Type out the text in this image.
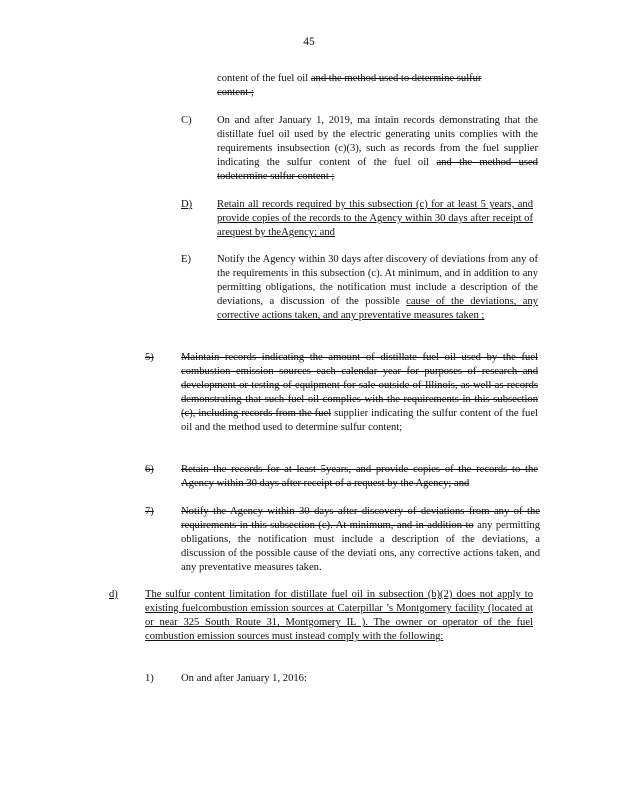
45

content of the fuel oil and the method used to determine sulfur
content ;

C) On and after January 1, 2019, ma intain records demonstrating that the distillate fuel oil used by the electric generating units complies with the requirements insubsection (c)(3), such as records from the fuel supplier indicating the sulfur content of the fuel oil and the method used todetermine sulfur content ;

D) Retain all records required by this subsection (c) for at least 5 years, and provide copies of the records to the Agency within 30 days after receipt of arequest by theAgency; and

E) Notify the Agency within 30 days after discovery of deviations from any of the requirements in this subsection (c). At minimum, and in addition to any permitting obligations, the notification must include a description of the deviations, a discussion of the possible cause of the deviations, any corrective actions taken, and any preventative measures taken ;

5)	Maintain records indicating the amount of distillate fuel oil used by the fuel combustion emission sources each calendar year for purposes of research and development or testing of equipment for sale outside of Illinois, as well as records demonstrating that such fuel oil complies with the requirements in this subsection (c), including records from the fuel supplier indicating the sulfur content of the fuel oil and the method used to determine sulfur content;

6)	Retain the records for at least 5years, and provide copies of the records to the Agency within 30 days after receipt of a request by the Agency; and

7)	Notify the Agency within 30 days after discovery of deviations from any of the requirements in this subsection (c). At minimum, and in addition to any permitting obligations, the notification must include a description of the deviations, a discussion of the possible cause of the deviati ons, any corrective actions taken, and any preventative measures taken.

d)	The sulfur content limitation for distillate fuel oil in subsection (b)(2) does not apply to existing fuelcombustion emission sources at Caterpillar ’s Montgomery facility (located at or near 325 South Route 31, Montgomery IL ). The owner or operator of the fuel combustion emission sources must instead comply with the following:

1)	On and after January 1, 2016:
